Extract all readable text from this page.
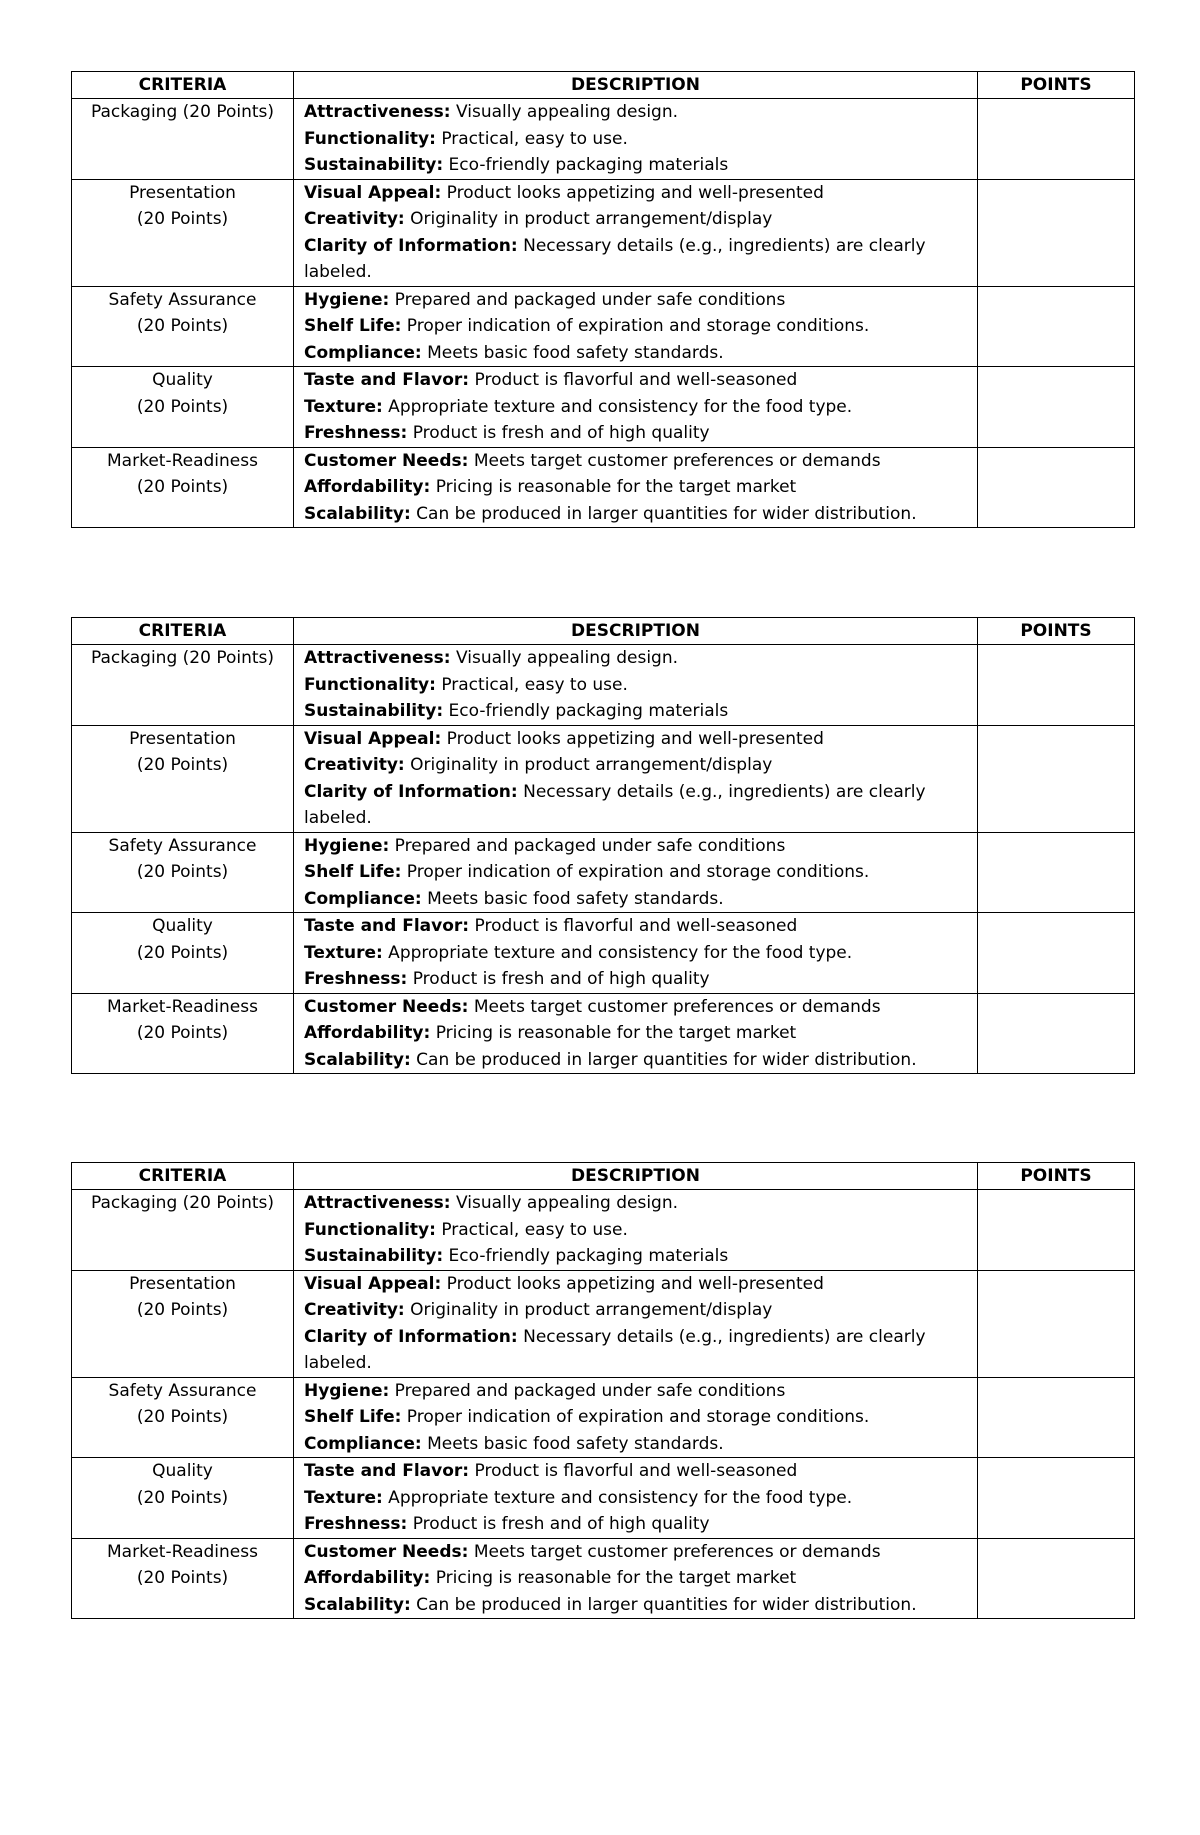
CRITERIA	DESCRIPTION	POINTS

Packaging (20 Points)	Attractiveness: Visually appealing design.
Functionality: Practical, easy to use.
Sustainability: Eco-friendly packaging materials	

Presentation
(20 Points)	Visual Appeal: Product looks appetizing and well-presented
Creativity: Originality in product arrangement/display
Clarity of Information: Necessary details (e.g., ingredients) are clearly labeled.	

Safety Assurance
(20 Points)	Hygiene: Prepared and packaged under safe conditions
Shelf Life: Proper indication of expiration and storage conditions.
Compliance: Meets basic food safety standards.	

Quality
(20 Points)	Taste and Flavor: Product is flavorful and well-seasoned
Texture: Appropriate texture and consistency for the food type.
Freshness: Product is fresh and of high quality	

Market-Readiness
(20 Points)	Customer Needs: Meets target customer preferences or demands
Affordability: Pricing is reasonable for the target market
Scalability: Can be produced in larger quantities for wider distribution.	

CRITERIA	DESCRIPTION	POINTS

Packaging (20 Points)	Attractiveness: Visually appealing design.
Functionality: Practical, easy to use.
Sustainability: Eco-friendly packaging materials	

Presentation
(20 Points)	Visual Appeal: Product looks appetizing and well-presented
Creativity: Originality in product arrangement/display
Clarity of Information: Necessary details (e.g., ingredients) are clearly labeled.	

Safety Assurance
(20 Points)	Hygiene: Prepared and packaged under safe conditions
Shelf Life: Proper indication of expiration and storage conditions.
Compliance: Meets basic food safety standards.	

Quality
(20 Points)	Taste and Flavor: Product is flavorful and well-seasoned
Texture: Appropriate texture and consistency for the food type.
Freshness: Product is fresh and of high quality	

Market-Readiness
(20 Points)	Customer Needs: Meets target customer preferences or demands
Affordability: Pricing is reasonable for the target market
Scalability: Can be produced in larger quantities for wider distribution.	

CRITERIA	DESCRIPTION	POINTS

Packaging (20 Points)	Attractiveness: Visually appealing design.
Functionality: Practical, easy to use.
Sustainability: Eco-friendly packaging materials	

Presentation
(20 Points)	Visual Appeal: Product looks appetizing and well-presented
Creativity: Originality in product arrangement/display
Clarity of Information: Necessary details (e.g., ingredients) are clearly labeled.	

Safety Assurance
(20 Points)	Hygiene: Prepared and packaged under safe conditions
Shelf Life: Proper indication of expiration and storage conditions.
Compliance: Meets basic food safety standards.	

Quality
(20 Points)	Taste and Flavor: Product is flavorful and well-seasoned
Texture: Appropriate texture and consistency for the food type.
Freshness: Product is fresh and of high quality	

Market-Readiness
(20 Points)	Customer Needs: Meets target customer preferences or demands
Affordability: Pricing is reasonable for the target market
Scalability: Can be produced in larger quantities for wider distribution.	
